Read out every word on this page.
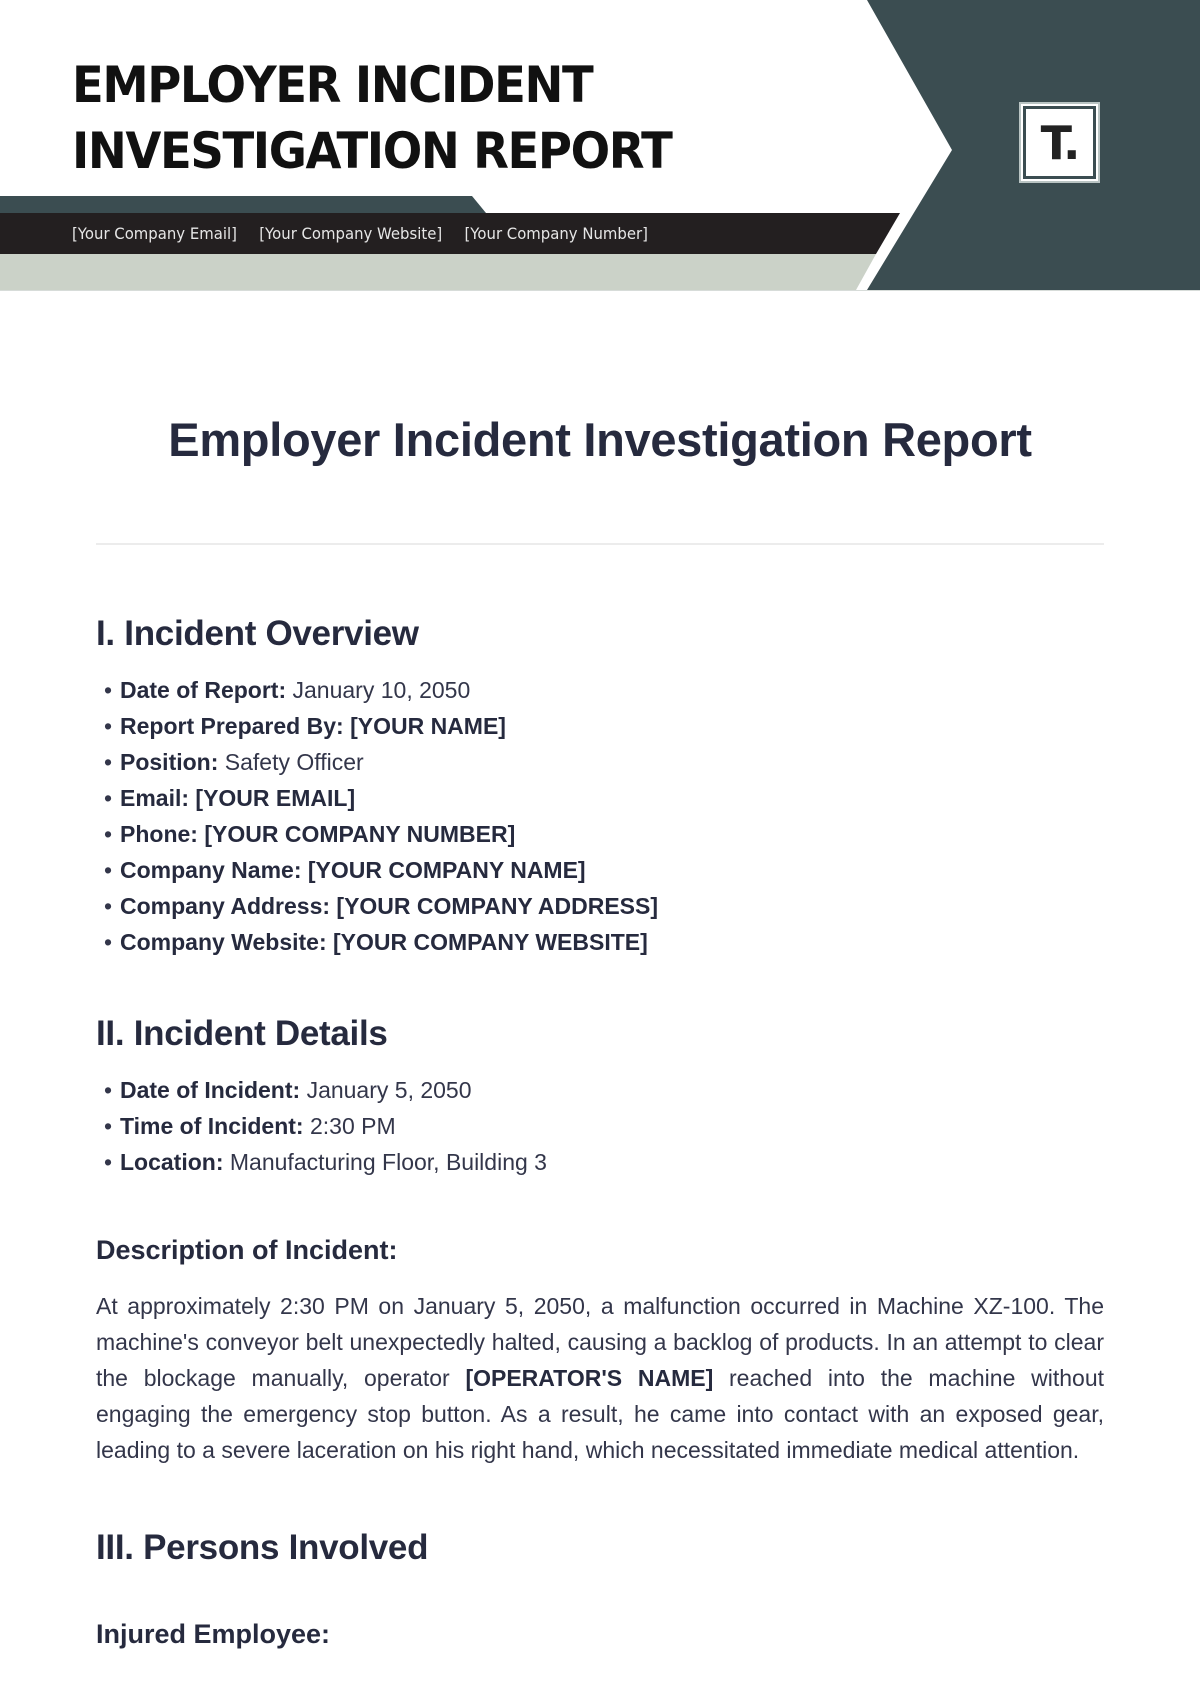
EMPLOYER INCIDENT
INVESTIGATION REPORT
[Your Company Email] [Your Company Website] [Your Company Number]
T.
Employer Incident Investigation Report
I. Incident Overview
• Date of Report: January 10, 2050
• Report Prepared By: [YOUR NAME]
• Position: Safety Officer
• Email: [YOUR EMAIL]
• Phone: [YOUR COMPANY NUMBER]
• Company Name: [YOUR COMPANY NAME]
• Company Address: [YOUR COMPANY ADDRESS]
• Company Website: [YOUR COMPANY WEBSITE]
II. Incident Details
• Date of Incident: January 5, 2050
• Time of Incident: 2:30 PM
• Location: Manufacturing Floor, Building 3
Description of Incident:

At approximately 2:30 PM on January 5, 2050, a malfunction occurred in Machine XZ-100. The machine's conveyor belt unexpectedly halted, causing a backlog of products. In an attempt to clear the blockage manually, operator [OPERATOR'S NAME] reached into the machine without engaging the emergency stop button. As a result, he came into contact with an exposed gear, leading to a severe laceration on his right hand, which necessitated immediate medical attention.

III. Persons Involved
Injured Employee:
